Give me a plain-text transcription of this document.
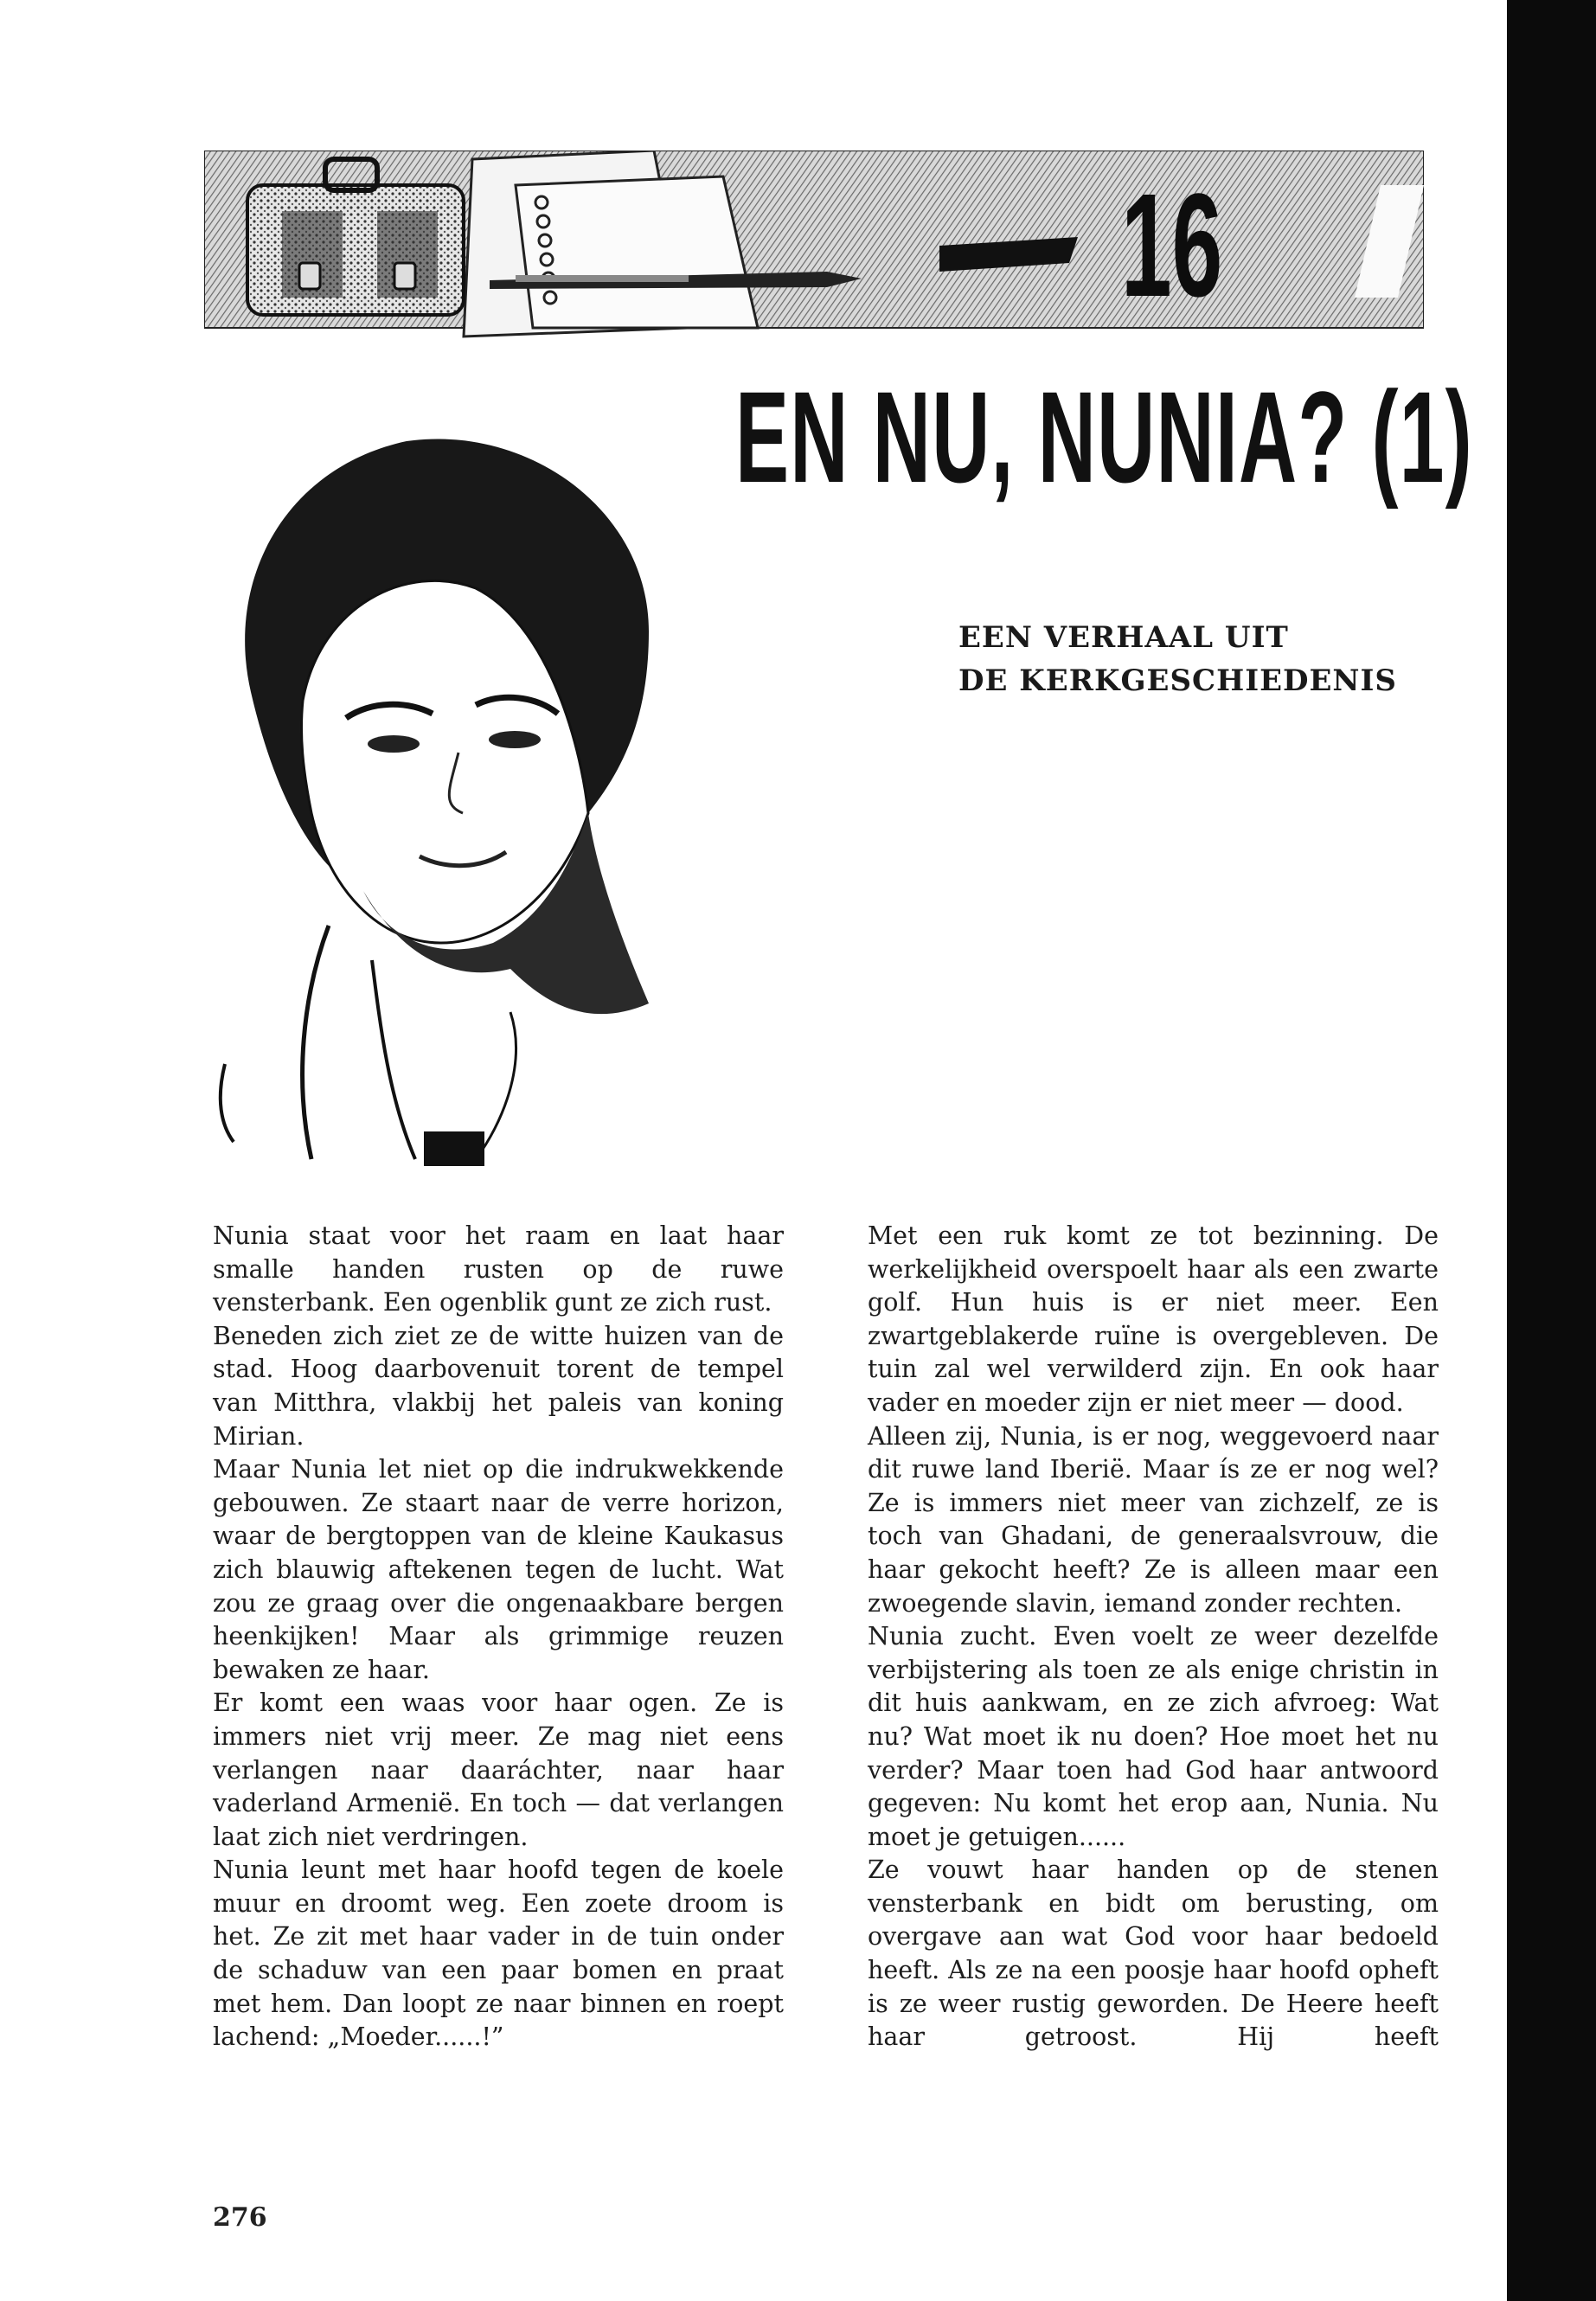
16
EN NU, NUNIA? (1)
EEN VERHAAL UIT
DE KERKGESCHIEDENIS

Nunia staat voor het raam en laat haar smalle handen rusten op de ruwe vensterbank. Een ogenblik gunt ze zich rust.

Beneden zich ziet ze de witte huizen van de stad. Hoog daarbovenuit torent de tempel van Mitthra, vlakbij het paleis van koning Mirian.

Maar Nunia let niet op die indrukwekkende gebouwen. Ze staart naar de verre horizon, waar de bergtoppen van de kleine Kaukasus zich blauwig aftekenen tegen de lucht. Wat zou ze graag over die ongenaakbare bergen heenkijken! Maar als grimmige reuzen bewaken ze haar.

Er komt een waas voor haar ogen. Ze is immers niet vrij meer. Ze mag niet eens verlangen naar daaráchter, naar haar vaderland Armenië. En toch — dat verlangen laat zich niet verdringen.

Nunia leunt met haar hoofd tegen de koele muur en droomt weg. Een zoete droom is het. Ze zit met haar vader in de tuin onder de schaduw van een paar bomen en praat met hem. Dan loopt ze naar binnen en roept lachend: „Moeder......!”

Met een ruk komt ze tot bezinning. De werkelijkheid overspoelt haar als een zwarte golf. Hun huis is er niet meer. Een zwartgeblakerde ruïne is overgebleven. De tuin zal wel verwilderd zijn. En ook haar vader en moeder zijn er niet meer — dood.

Alleen zij, Nunia, is er nog, weggevoerd naar dit ruwe land Iberië. Maar ís ze er nog wel? Ze is immers niet meer van zichzelf, ze is toch van Ghadani, de generaalsvrouw, die haar gekocht heeft? Ze is alleen maar een zwoegende slavin, iemand zonder rechten.

Nunia zucht. Even voelt ze weer dezelfde verbijstering als toen ze als enige christin in dit huis aankwam, en ze zich afvroeg: Wat nu? Wat moet ik nu doen? Hoe moet het nu verder? Maar toen had God haar antwoord gegeven: Nu komt het erop aan, Nunia. Nu moet je getuigen......

Ze vouwt haar handen op de stenen vensterbank en bidt om berusting, om overgave aan wat God voor haar bedoeld heeft. Als ze na een poosje haar hoofd opheft is ze weer rustig geworden. De Heere heeft haar getroost. Hij heeft

276
